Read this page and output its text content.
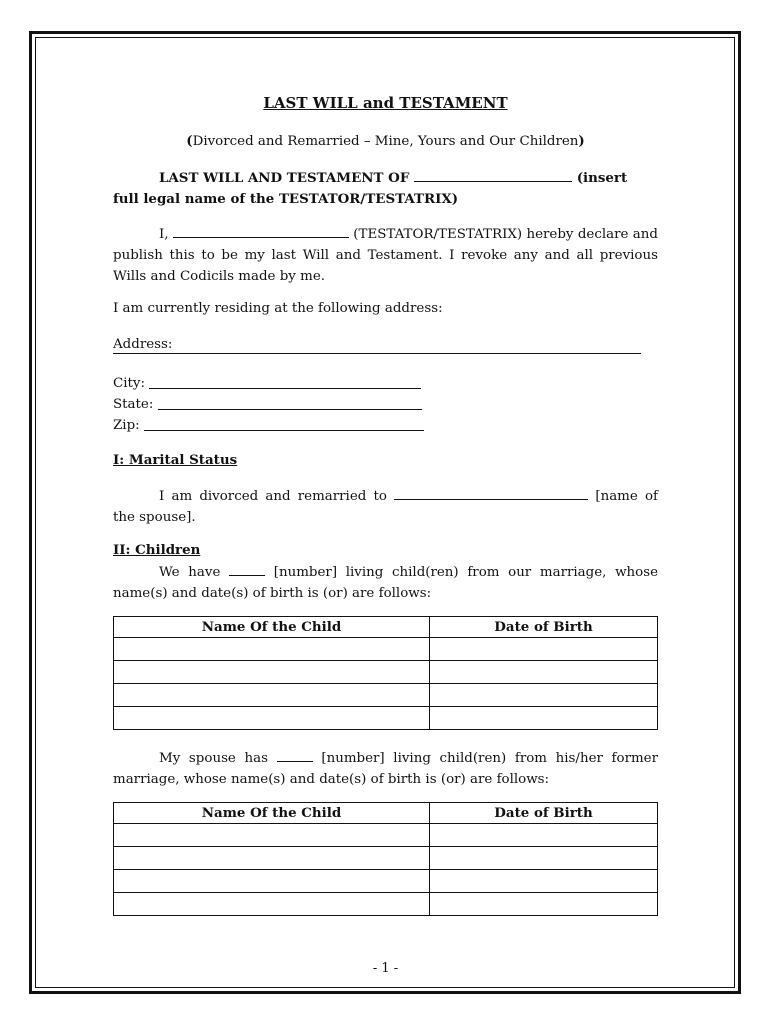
LAST WILL and TESTAMENT
(Divorced and Remarried – Mine, Yours and Our Children)
LAST WILL AND TESTAMENT OF	(insert
full legal name of the TESTATOR/TESTATRIX)
I,	(TESTATOR/TESTATRIX) hereby declare and publish this to be my last Will and Testament. I revoke any and all previous Wills and Codicils made by me.
I am currently residing at the following address:
Address:
City:
State:
Zip:
I: Marital Status
I am divorced and remarried to	[name of the spouse].
II: Children
We have	[number] living child(ren) from our marriage, whose name(s) and date(s) of birth is (or) are follows:
Name Of the Child	Date of Birth

My spouse has	[number] living child(ren) from his/her former marriage, whose name(s) and date(s) of birth is (or) are follows:
Name Of the Child	Date of Birth

- 1 -
